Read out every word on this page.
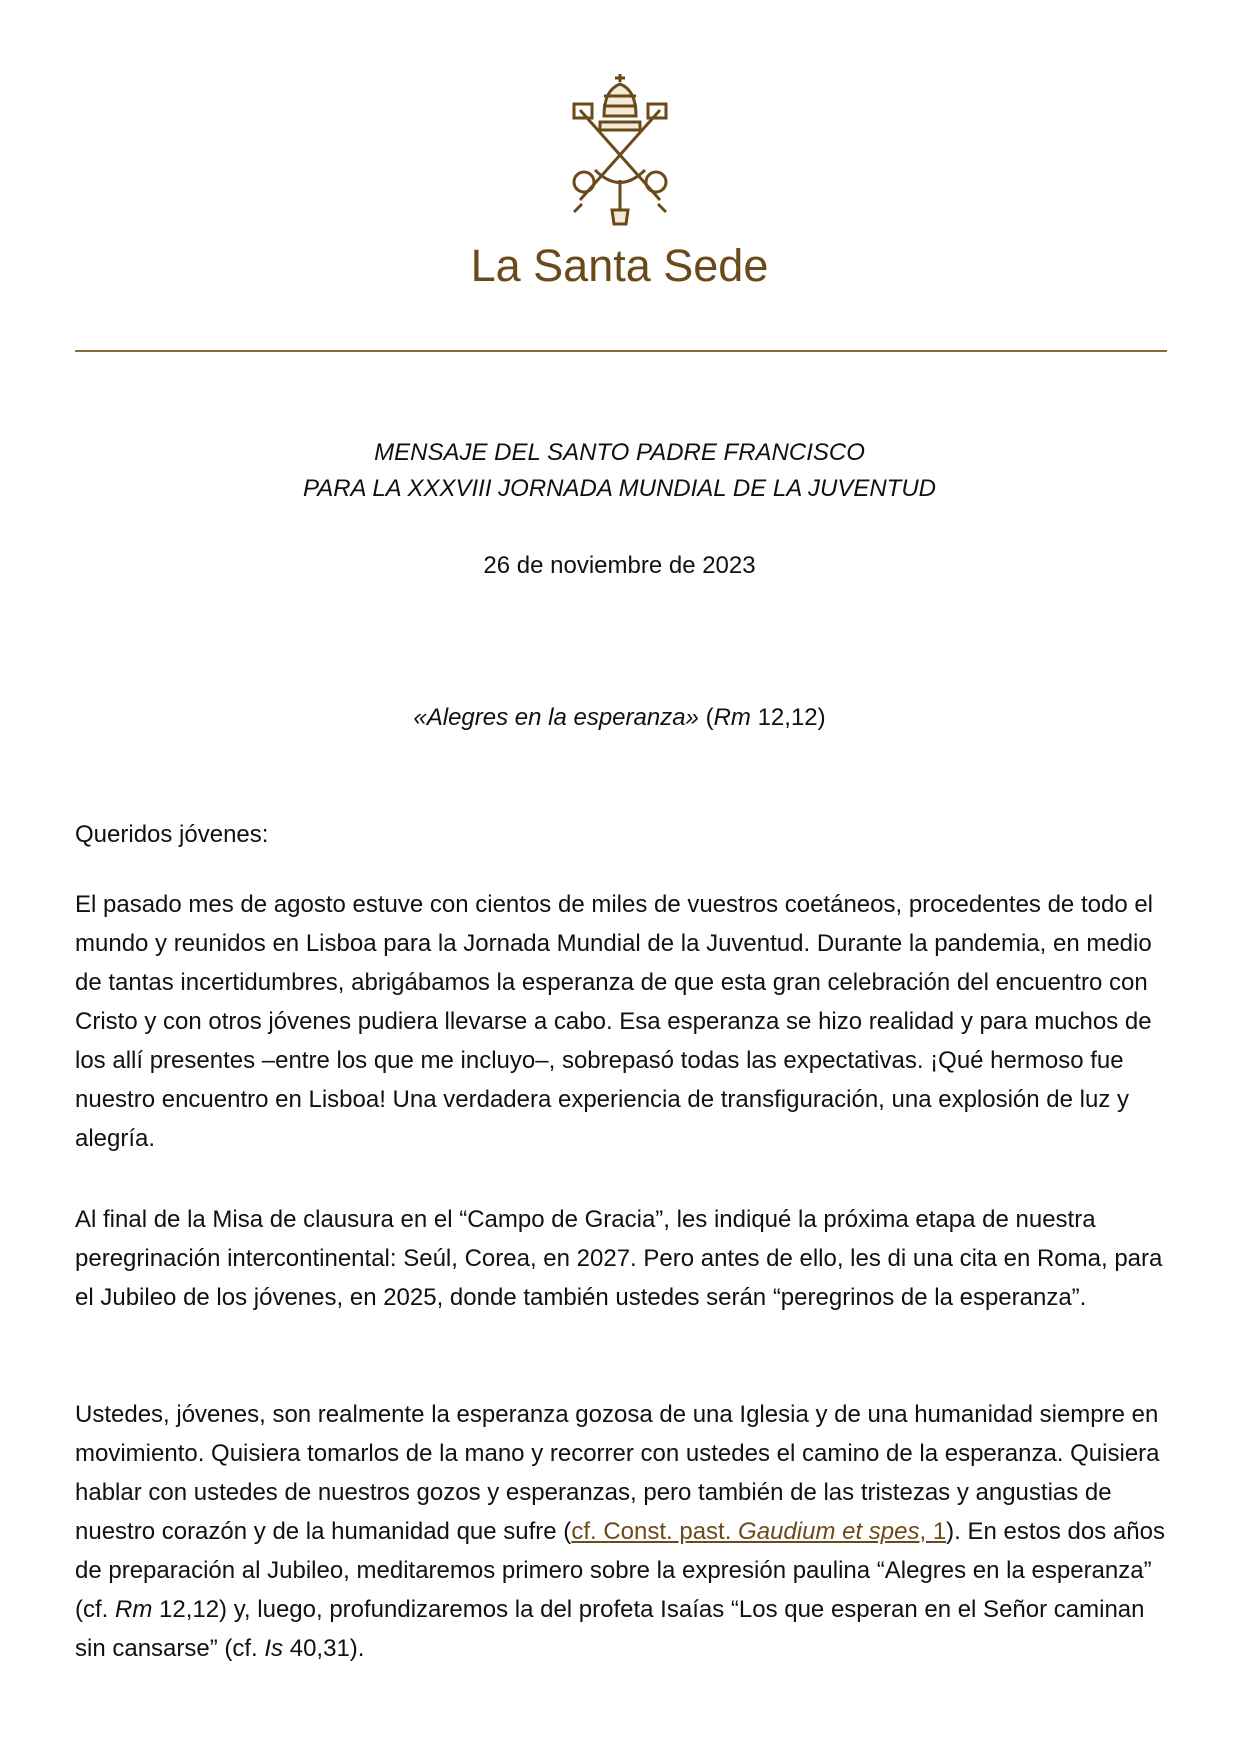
La Santa Sede
MENSAJE DEL SANTO PADRE FRANCISCO
PARA LA XXXVIII JORNADA MUNDIAL DE LA JUVENTUD
26 de noviembre de 2023
«Alegres en la esperanza» (Rm 12,12)

Queridos jóvenes:

El pasado mes de agosto estuve con cientos de miles de vuestros coetáneos, procedentes de todo el mundo y reunidos en Lisboa para la Jornada Mundial de la Juventud. Durante la pandemia, en medio de tantas incertidumbres, abrigábamos la esperanza de que esta gran celebración del encuentro con Cristo y con otros jóvenes pudiera llevarse a cabo. Esa esperanza se hizo realidad y para muchos de los allí presentes –entre los que me incluyo–, sobrepasó todas las expectativas. ¡Qué hermoso fue nuestro encuentro en Lisboa! Una verdadera experiencia de transfiguración, una explosión de luz y alegría.

Al final de la Misa de clausura en el “Campo de Gracia”, les indiqué la próxima etapa de nuestra peregrinación intercontinental: Seúl, Corea, en 2027. Pero antes de ello, les di una cita en Roma, para el Jubileo de los jóvenes, en 2025, donde también ustedes serán “peregrinos de la esperanza”.

Ustedes, jóvenes, son realmente la esperanza gozosa de una Iglesia y de una humanidad siempre en movimiento. Quisiera tomarlos de la mano y recorrer con ustedes el camino de la esperanza. Quisiera hablar con ustedes de nuestros gozos y esperanzas, pero también de las tristezas y angustias de nuestro corazón y de la humanidad que sufre (cf. Const. past. Gaudium et spes, 1). En estos dos años de preparación al Jubileo, meditaremos primero sobre la expresión paulina “Alegres en la esperanza” (cf. Rm 12,12) y, luego, profundizaremos la del profeta Isaías “Los que esperan en el Señor caminan sin cansarse” (cf. Is 40,31).
